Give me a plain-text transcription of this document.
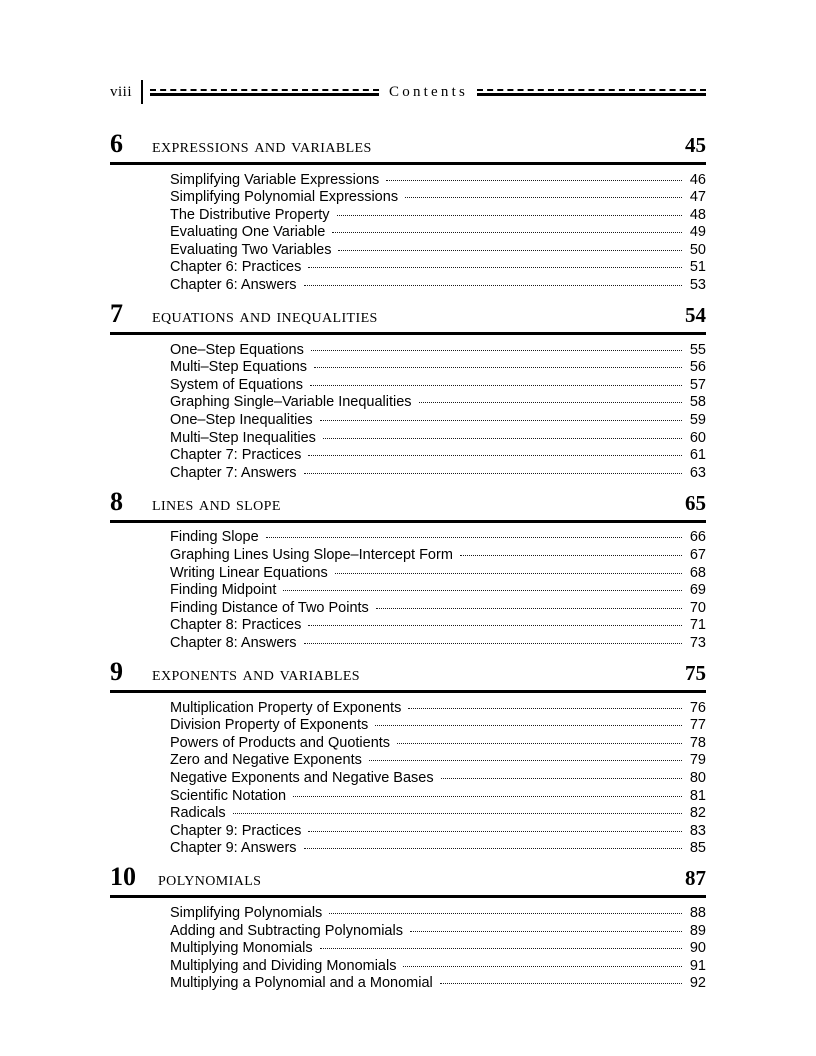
viii	Contents
6	expressions and variables	45
Simplifying Variable Expressions	46
Simplifying Polynomial Expressions	47
The Distributive Property	48
Evaluating One Variable	49
Evaluating Two Variables	50
Chapter 6: Practices	51
Chapter 6: Answers	53
7	equations and inequalities	54
One–Step Equations	55
Multi–Step Equations	56
System of Equations	57
Graphing Single–Variable Inequalities	58
One–Step Inequalities	59
Multi–Step Inequalities	60
Chapter 7: Practices	61
Chapter 7: Answers	63
8	lines and slope	65
Finding Slope	66
Graphing Lines Using Slope–Intercept Form	67
Writing Linear Equations	68
Finding Midpoint	69
Finding Distance of Two Points	70
Chapter 8: Practices	71
Chapter 8: Answers	73
9	exponents and variables	75
Multiplication Property of Exponents	76
Division Property of Exponents	77
Powers of Products and Quotients	78
Zero and Negative Exponents	79
Negative Exponents and Negative Bases	80
Scientific Notation	81
Radicals	82
Chapter 9: Practices	83
Chapter 9: Answers	85
10	polynomials	87
Simplifying Polynomials	88
Adding and Subtracting Polynomials	89
Multiplying Monomials	90
Multiplying and Dividing Monomials	91
Multiplying a Polynomial and a Monomial	92
